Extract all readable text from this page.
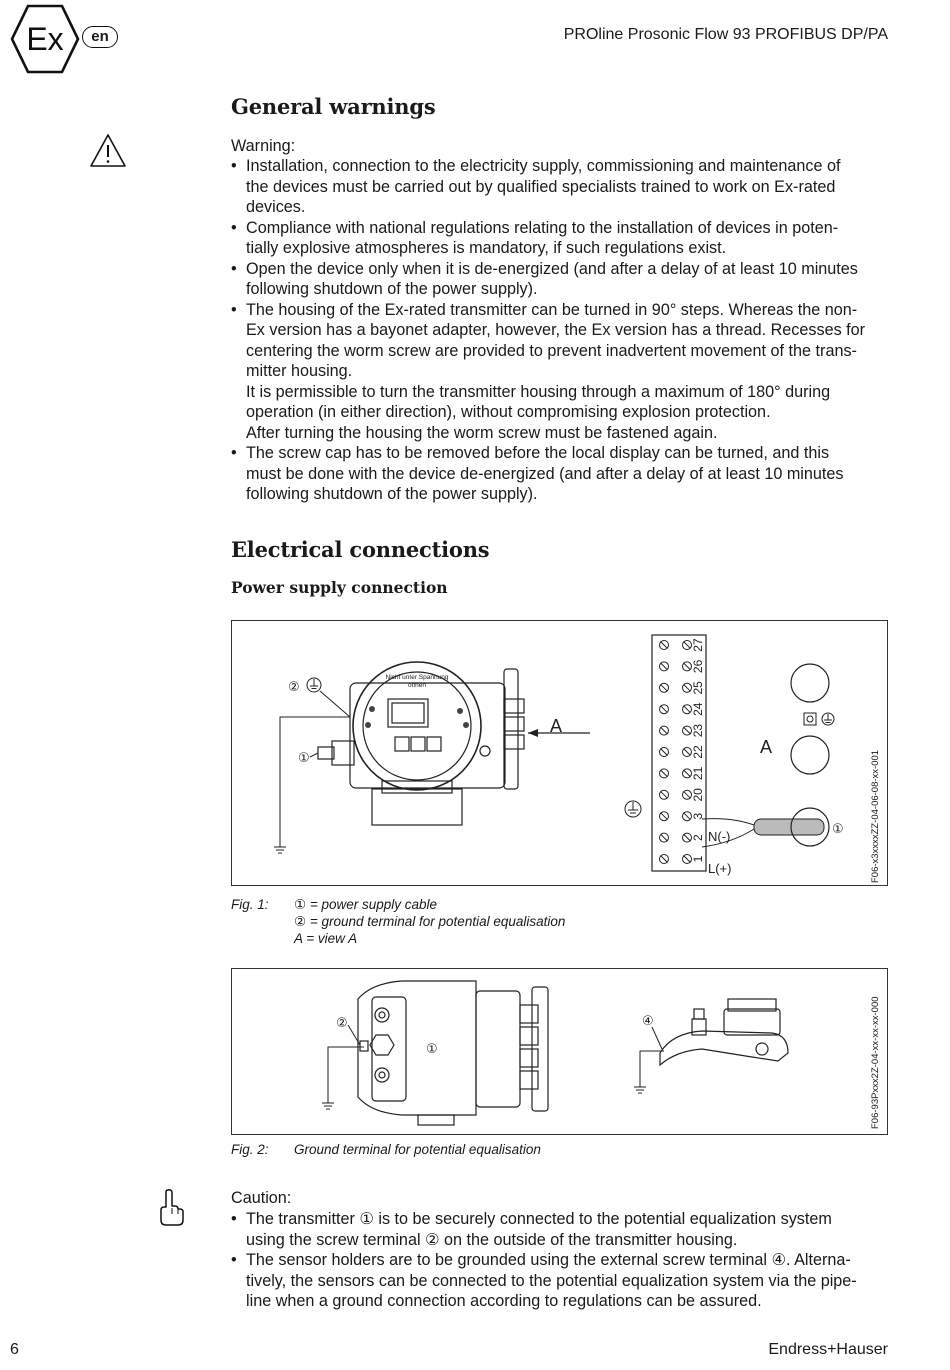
Ex	en	PROline Prosonic Flow 93 PROFIBUS DP/PA
General warnings
Warning:
• Installation, connection to the electricity supply, commissioning and maintenance of
the devices must be carried out by qualified specialists trained to work on Ex-rated
devices.
• Compliance with national regulations relating to the installation of devices in poten-
tially explosive atmospheres is mandatory, if such regulations exist.
• Open the device only when it is de-energized (and after a delay of at least 10 minutes
following shutdown of the power supply).
• The housing of the Ex-rated transmitter can be turned in 90° steps. Whereas the non-
Ex version has a bayonet adapter, however, the Ex version has a thread. Recesses for
centering the worm screw are provided to prevent inadvertent movement of the trans-
mitter housing.
It is permissible to turn the transmitter housing through a maximum of 180° during
operation (in either direction), without compromising explosion protection.
After turning the housing the worm screw must be fastened again.
• The screw cap has to be removed before the local display can be turned, and this
must be done with the device de-energized (and after a delay of at least 10 minutes
following shutdown of the power supply).
Electrical connections
Power supply connection
Nicht unter Spannung
öffnen
②
①
A
1
2
3
20
21
22
23
24
25
26
27
N(-)
L(+)
①
A
F06-x3xxxxZZ-04-06-08-xx-001
Fig. 1: ① = power supply cable
② = ground terminal for potential equalisation
A = view A
②
①
④	F06-93Pxxx2Z-04-xx-xx-xx-000
Fig. 2: Ground terminal for potential equalisation
Caution:
• The transmitter ① is to be securely connected to the potential equalization system
using the screw terminal ② on the outside of the transmitter housing.
• The sensor holders are to be grounded using the external screw terminal ④. Alterna-
tively, the sensors can be connected to the potential equalization system via the pipe-
line when a ground connection according to regulations can be assured.
6	Endress+Hauser
